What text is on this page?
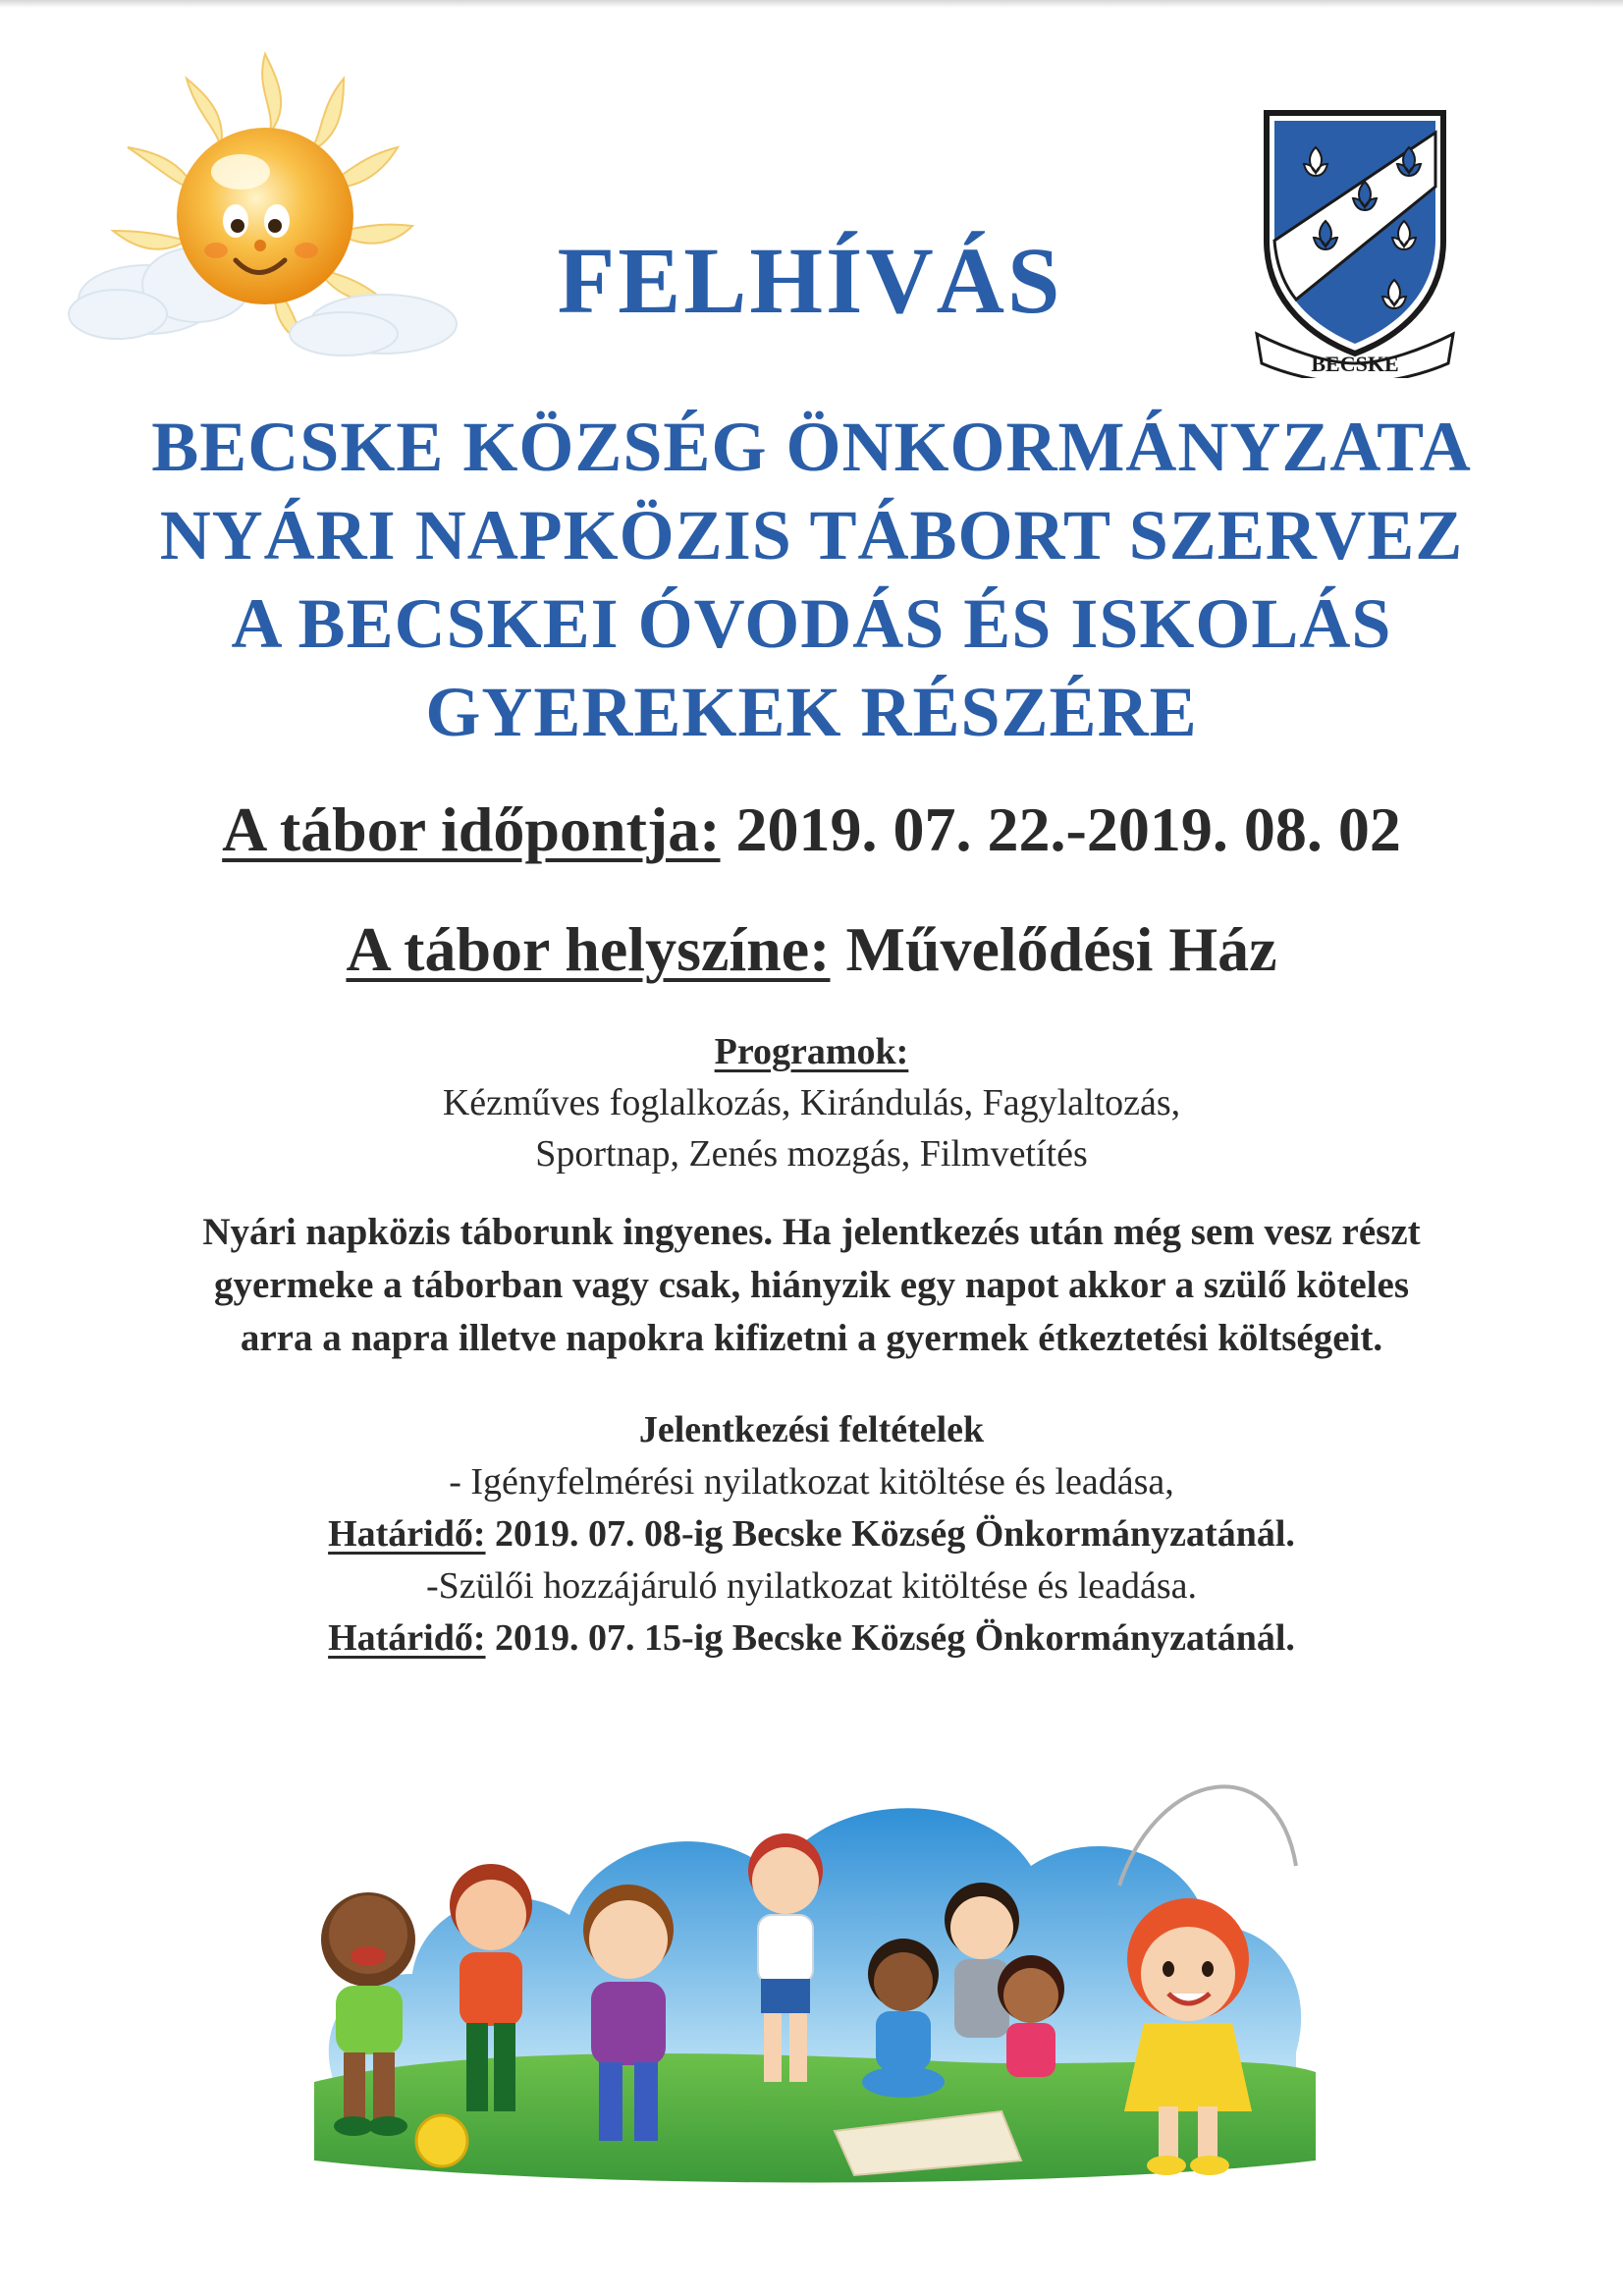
BECSKE
FELHÍVÁS
BECSKE KÖZSÉG ÖNKORMÁNYZATA
NYÁRI NAPKÖZIS TÁBORT SZERVEZ
A BECSKEI ÓVODÁS ÉS ISKOLÁS
GYEREKEK RÉSZÉRE
A tábor időpontja: 2019. 07. 22.-2019. 08. 02
A tábor helyszíne: Művelődési Ház
Programok:
Kézműves foglalkozás, Kirándulás, Fagylaltozás,
Sportnap, Zenés mozgás, Filmvetítés
Nyári napközis táborunk ingyenes. Ha jelentkezés után még sem vesz részt
gyermeke a táborban vagy csak, hiányzik egy napot akkor a szülő köteles
arra a napra illetve napokra kifizetni a gyermek étkeztetési költségeit.
Jelentkezési feltételek
- Igényfelmérési nyilatkozat kitöltése és leadása,
Határidő: 2019. 07. 08-ig Becske Község Önkormányzatánál.
-Szülői hozzájáruló nyilatkozat kitöltése és leadása.
Határidő: 2019. 07. 15-ig Becske Község Önkormányzatánál.
